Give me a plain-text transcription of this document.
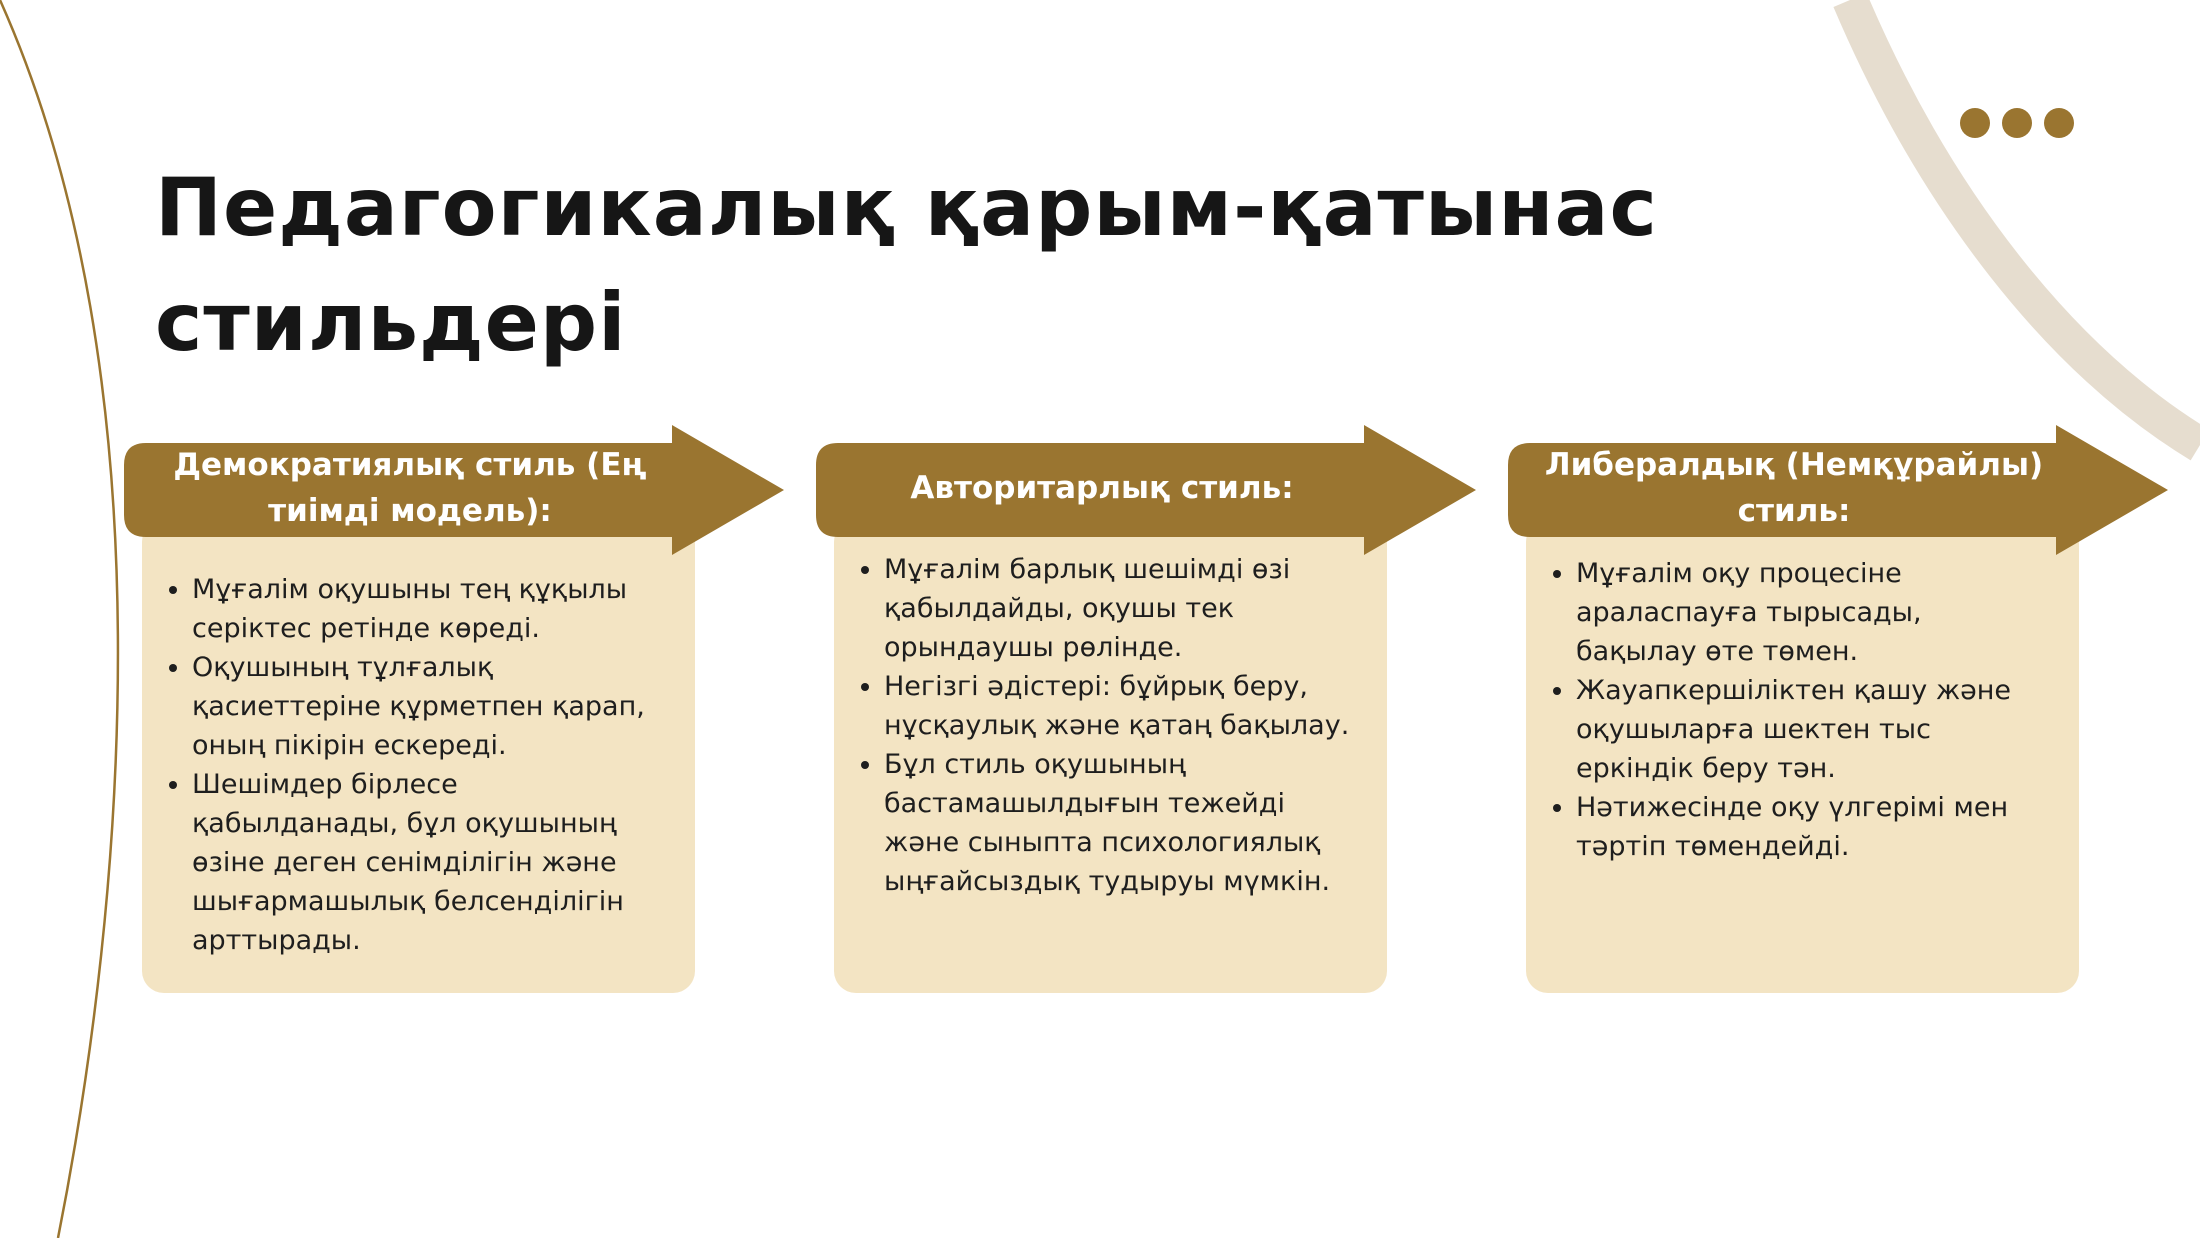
Педагогикалық қарым-қатынас стильдері
• Мұғалім оқушыны тең құқылы серіктес ретінде көреді.
• Оқушының тұлғалық қасиеттеріне құрметпен қарап, оның пікірін ескереді.
• Шешімдер бірлесе қабылданады, бұл оқушының өзіне деген сенімділігін және шығармашылық белсенділігін арттырады.
Демократиялық стиль (Ең тиімді модель):
• Мұғалім барлық шешімді өзі қабылдайды, оқушы тек орындаушы рөлінде.
• Негізгі әдістері: бұйрық беру, нұсқаулық және қатаң бақылау.
• Бұл стиль оқушының бастамашылдығын тежейді және сыныпта психологиялық ыңғайсыздық тудыруы мүмкін.
Авторитарлық стиль:
• Мұғалім оқу процесіне араласпауға тырысады, бақылау өте төмен.
• Жауапкершіліктен қашу және оқушыларға шектен тыс еркіндік беру тән.
• Нәтижесінде оқу үлгерімі мен тәртіп төмендейді.
Либералдық (Немқұрайлы) стиль:
